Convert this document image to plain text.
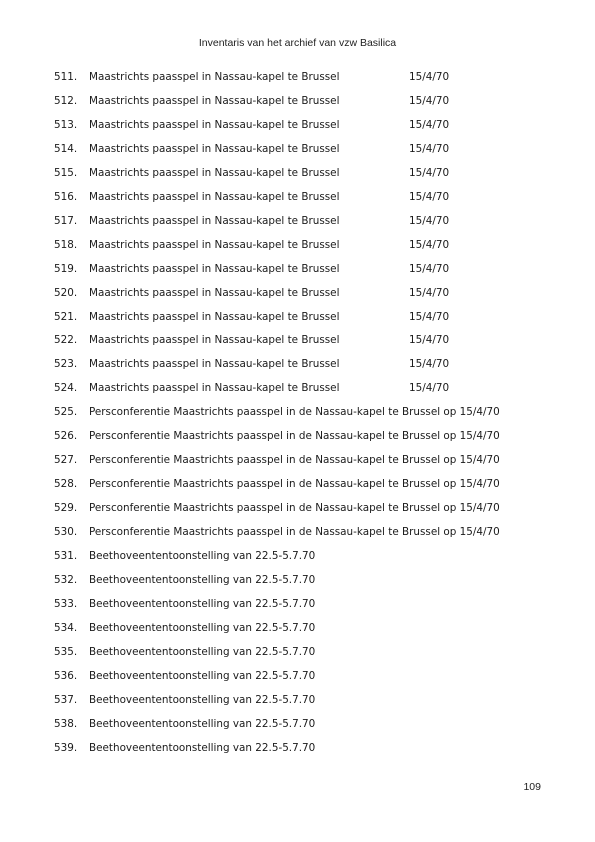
Inventaris van het archief van vzw Basilica
511.	Maastrichts paasspel in Nassau-kapel te Brussel	15/4/70
512.	Maastrichts paasspel in Nassau-kapel te Brussel	15/4/70
513.	Maastrichts paasspel in Nassau-kapel te Brussel	15/4/70
514.	Maastrichts paasspel in Nassau-kapel te Brussel	15/4/70
515.	Maastrichts paasspel in Nassau-kapel te Brussel	15/4/70
516.	Maastrichts paasspel in Nassau-kapel te Brussel	15/4/70
517.	Maastrichts paasspel in Nassau-kapel te Brussel	15/4/70
518.	Maastrichts paasspel in Nassau-kapel te Brussel	15/4/70
519.	Maastrichts paasspel in Nassau-kapel te Brussel	15/4/70
520.	Maastrichts paasspel in Nassau-kapel te Brussel	15/4/70
521.	Maastrichts paasspel in Nassau-kapel te Brussel	15/4/70
522.	Maastrichts paasspel in Nassau-kapel te Brussel	15/4/70
523.	Maastrichts paasspel in Nassau-kapel te Brussel	15/4/70
524.	Maastrichts paasspel in Nassau-kapel te Brussel	15/4/70
525.	Persconferentie Maastrichts paasspel in de Nassau-kapel te Brussel op 15/4/70
526.	Persconferentie Maastrichts paasspel in de Nassau-kapel te Brussel op 15/4/70
527.	Persconferentie Maastrichts paasspel in de Nassau-kapel te Brussel op 15/4/70
528.	Persconferentie Maastrichts paasspel in de Nassau-kapel te Brussel op 15/4/70
529.	Persconferentie Maastrichts paasspel in de Nassau-kapel te Brussel op 15/4/70
530.	Persconferentie Maastrichts paasspel in de Nassau-kapel te Brussel op 15/4/70
531.	Beethoveententoonstelling van 22.5-5.7.70
532.	Beethoveententoonstelling van 22.5-5.7.70
533.	Beethoveententoonstelling van 22.5-5.7.70
534.	Beethoveententoonstelling van 22.5-5.7.70
535.	Beethoveententoonstelling van 22.5-5.7.70
536.	Beethoveententoonstelling van 22.5-5.7.70
537.	Beethoveententoonstelling van 22.5-5.7.70
538.	Beethoveententoonstelling van 22.5-5.7.70
539.	Beethoveententoonstelling van 22.5-5.7.70
109
